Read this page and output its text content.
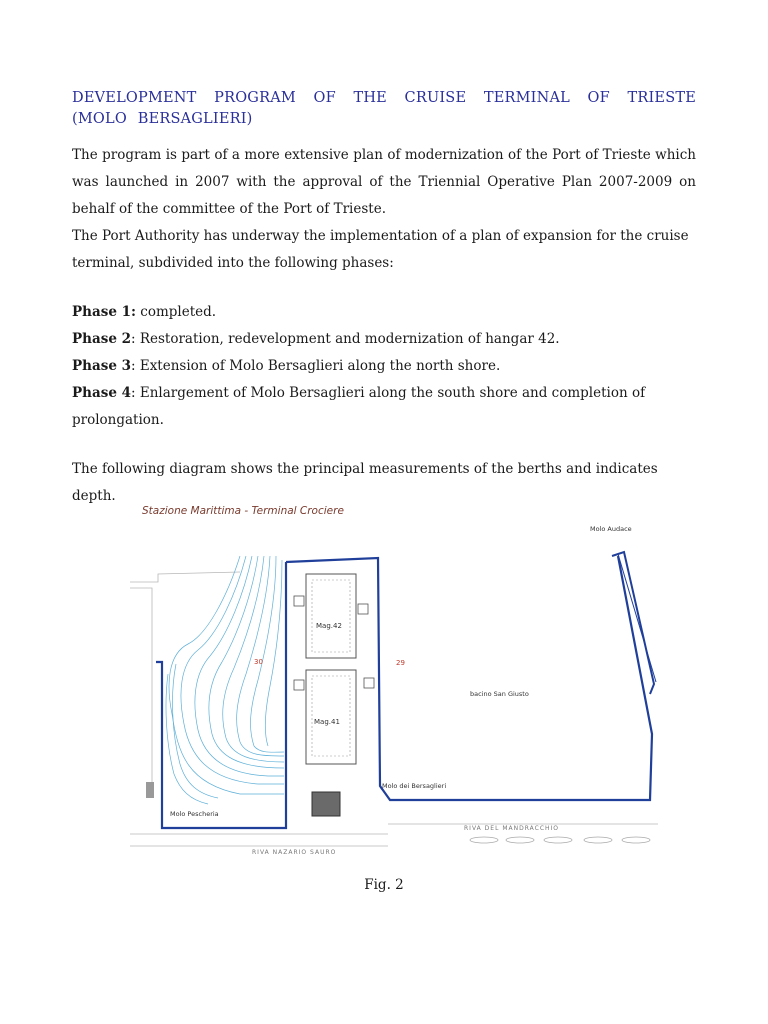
DEVELOPMENT PROGRAM OF THE CRUISE TERMINAL OF TRIESTE (MOLO BERSAGLIERI)

The program is part of a more extensive plan of modernization of the Port of Trieste which was launched in 2007 with the approval of the Triennial Operative Plan 2007-2009 on behalf of the committee of the Port of Trieste.

The Port Authority has underway the implementation of a plan of expansion for the cruise terminal, subdivided into the following phases:

Phase 1: completed.

Phase 2: Restoration, redevelopment and modernization of hangar 42.

Phase 3: Extension of Molo Bersaglieri along the north shore.

Phase 4: Enlargement of Molo Bersaglieri along the south shore and completion of prolongation.

The following diagram shows the principal measurements of the berths and indicates depth.

Stazione Marittima - Terminal Crociere
Molo Audace
30
Molo Pescheria
Mag.42
Mag.41
29
bacino San Giusto
Molo dei Bersaglieri
RIVA NAZARIO SAURO
RIVA DEL MANDRACCHIO
Fig. 2
